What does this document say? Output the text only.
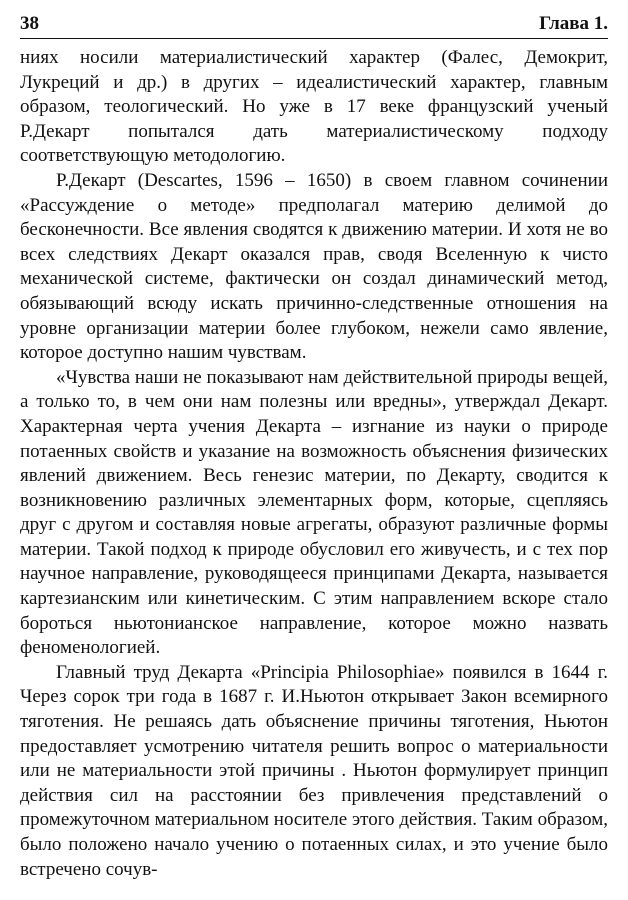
38	Глава 1.

ниях носили материалистический характер (Фалес, Демокрит, Лукреций и др.) в других – идеалистический характер, главным образом, теологический. Но уже в 17 веке французский ученый Р.Декарт попытался дать материалистическому подходу соответствующую методологию.

Р.Декарт (Descartes, 1596 – 1650) в своем главном сочинении «Рассуждение о методе» предполагал материю делимой до бесконечности. Все явления сводятся к движению материи. И хотя не во всех следствиях Декарт оказался прав, сводя Вселенную к чисто механической системе, фактически он создал динамический метод, обязывающий всюду искать причинно-следственные отношения на уровне организации материи более глубоком, нежели само явление, которое доступно нашим чувствам.

«Чувства наши не показывают нам действительной природы вещей, а только то, в чем они нам полезны или вредны», утверждал Декарт. Характерная черта учения Декарта – изгнание из науки о природе потаенных свойств и указание на возможность объяснения физических явлений движением. Весь генезис материи, по Декарту, сводится к возникновению различных элементарных форм, которые, сцепляясь друг с другом и составляя новые агрегаты, образуют различные формы материи. Такой подход к природе обусловил его живучесть, и с тех пор научное направление, руководящееся принципами Декарта, называется картезианским или кинетическим. С этим направлением вскоре стало бороться ньютонианское направление, которое можно назвать феноменологией.

Главный труд Декарта «Principia Philosophiae» появился в 1644 г. Через сорок три года в 1687 г. И.Ньютон открывает Закон всемирного тяготения. Не решаясь дать объяснение причины тяготения, Ньютон предоставляет усмотрению читателя решить вопрос о материальности или не материальности этой причины . Ньютон формулирует принцип действия сил на расстоянии без привлечения представлений о промежуточном материальном носителе этого действия. Таким образом, было положено начало учению о потаенных силах, и это учение было встречено сочув-
